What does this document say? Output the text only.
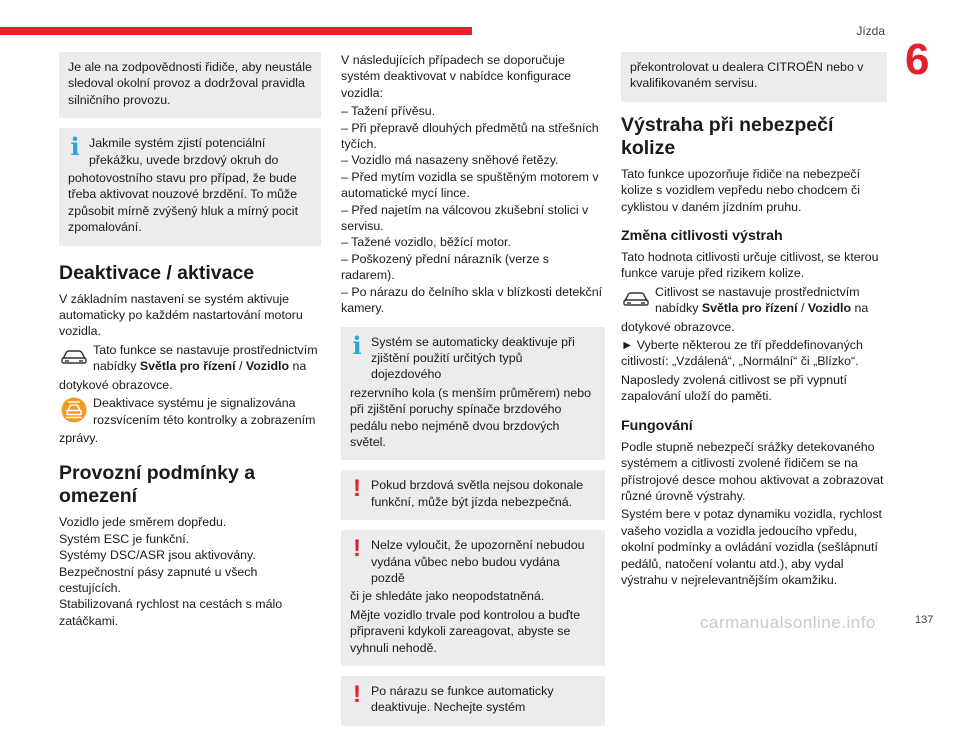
Jízda
6
137
carmanualsonline.info

Je ale na zodpovědnosti řidiče, aby neustále sledoval okolní provoz a dodržoval pravidla silničního provozu.

i Jakmile systém zjistí potenciální překážku, uvede brzdový okruh do

pohotovostního stavu pro případ, že bude třeba aktivovat nouzové brzdění. To může způsobit mírně zvýšený hluk a mírný pocit zpomalování.

Deaktivace / aktivace

V základním nastavení se systém aktivuje automaticky po každém nastartování motoru vozidla.

Tato funkce se nastavuje prostřednictvím nabídky Světla pro řízení / Vozidlo na

dotykové obrazovce.

Deaktivace systému je signalizována rozsvícením této kontrolky a zobrazením

zprávy.

Provozní podmínky a omezení

Vozidlo jede směrem dopředu.

Systém ESC je funkční.

Systémy DSC/ASR jsou aktivovány.

Bezpečnostní pásy zapnuté u všech cestujících.

Stabilizovaná rychlost na cestách s málo zatáčkami.

V následujících případech se doporučuje systém deaktivovat v nabídce konfigurace vozidla:

– Tažení přívěsu.

– Při přepravě dlouhých předmětů na střešních tyčích.

– Vozidlo má nasazeny sněhové řetězy.

– Před mytím vozidla se spuštěným motorem v automatické mycí lince.

– Před najetím na válcovou zkušební stolici v servisu.

– Tažené vozidlo, běžící motor.

– Poškozený přední nárazník (verze s radarem).

– Po nárazu do čelního skla v blízkosti detekční kamery.

i Systém se automaticky deaktivuje při zjištění použití určitých typů dojezdového

rezervního kola (s menším průměrem) nebo při zjištění poruchy spínače brzdového pedálu nebo nejméně dvou brzdových světel.

! Pokud brzdová světla nejsou dokonale funkční, může být jízda nebezpečná.

! Nelze vyloučit, že upozornění nebudou vydána vůbec nebo budou vydána pozdě

či je shledáte jako neopodstatněná.

Mějte vozidlo trvale pod kontrolou a buďte připraveni kdykoli zareagovat, abyste se vyhnuli nehodě.

! Po nárazu se funkce automaticky deaktivuje. Nechejte systém

překontrolovat u dealera CITROËN nebo v kvalifikovaném servisu.

Výstraha při nebezpečí kolize

Tato funkce upozorňuje řidiče na nebezpečí kolize s vozidlem vepředu nebo chodcem či cyklistou v daném jízdním pruhu.

Změna citlivosti výstrah

Tato hodnota citlivosti určuje citlivost, se kterou funkce varuje před rizikem kolize.

Citlivost se nastavuje prostřednictvím nabídky Světla pro řízení / Vozidlo na

dotykové obrazovce.

► Vyberte některou ze tří předdefinovaných citlivostí: „Vzdálená“, „Normální“ či „Blízko“.

Naposledy zvolená citlivost se při vypnutí zapalování uloží do paměti.

Fungování

Podle stupně nebezpečí srážky detekovaného systémem a citlivosti zvolené řidičem se na přístrojové desce mohou aktivovat a zobrazovat různé úrovně výstrahy.

Systém bere v potaz dynamiku vozidla, rychlost vašeho vozidla a vozidla jedoucího vpředu, okolní podmínky a ovládání vozidla (sešlápnutí pedálů, natočení volantu atd.), aby vydal výstrahu v nejrelevantnějším okamžiku.
